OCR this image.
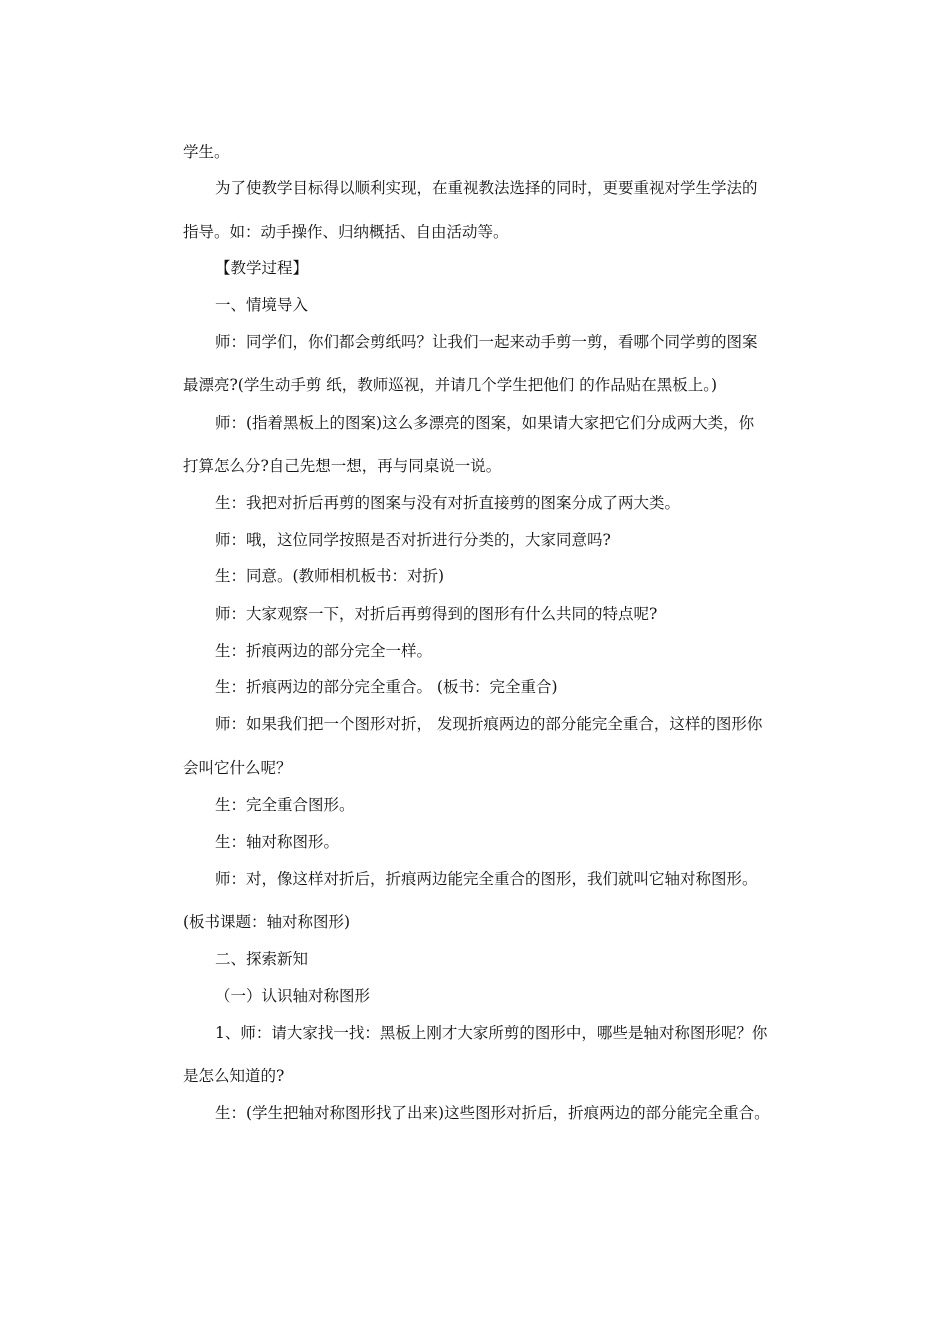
学生。
为了使教学目标得以顺利实现，在重视教法选择的同时，更要重视对学生学法的
指导。如：动手操作、归纳概括、自由活动等。
【教学过程】
一、情境导入
师：同学们，你们都会剪纸吗？让我们一起来动手剪一剪，看哪个同学剪的图案
最漂亮?(学生动手剪 纸，教师巡视，并请几个学生把他们 的作品贴在黑板上。)
师：(指着黑板上的图案)这么多漂亮的图案，如果请大家把它们分成两大类，你
打算怎么分?自己先想一想，再与同桌说一说。
生：我把对折后再剪的图案与没有对折直接剪的图案分成了两大类。
师：哦，这位同学按照是否对折进行分类的，大家同意吗?
生：同意。(教师相机板书：对折)
师：大家观察一下，对折后再剪得到的图形有什么共同的特点呢?
生：折痕两边的部分完全一样。
生：折痕两边的部分完全重合。 (板书：完全重合)
师：如果我们把一个图形对折， 发现折痕两边的部分能完全重合，这样的图形你
会叫它什么呢？
生：完全重合图形。
生：轴对称图形。
师：对，像这样对折后，折痕两边能完全重合的图形，我们就叫它轴对称图形。
(板书课题：轴对称图形)
二、探索新知
（一）认识轴对称图形
1、师：请大家找一找：黑板上刚才大家所剪的图形中，哪些是轴对称图形呢？你
是怎么知道的?
生：(学生把轴对称图形找了出来)这些图形对折后，折痕两边的部分能完全重合。
